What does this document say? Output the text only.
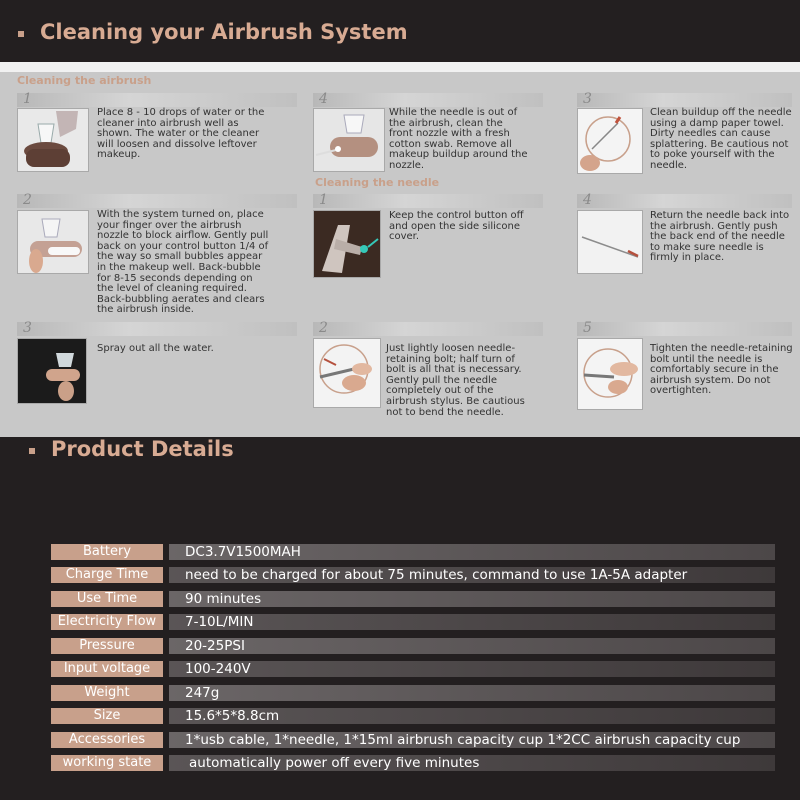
Cleaning your Airbrush System
Cleaning the airbrush
1
Place 8 - 10 drops of water or the cleaner into airbrush well as shown. The water or the cleaner will loosen and dissolve leftover makeup.
2
With the system turned on, place your finger over the airbrush nozzle to block airflow. Gently pull back on your control button 1/4 of the way so small bubbles appear in the makeup well. Back-bubble for 8-15 seconds depending on the level of cleaning required. Back-bubbling aerates and clears the airbrush inside.
3
Spray out all the water.
4
While the needle is out of the airbrush, clean the front nozzle with a fresh cotton swab. Remove all makeup buildup around the nozzle.
Cleaning the needle
1
Keep the control button off and open the side silicone cover.
2
Just lightly loosen needle-retaining bolt; half turn of bolt is all that is necessary. Gently pull the needle completely out of the airbrush stylus. Be cautious not to bend the needle.
3
Clean buildup off the needle using a damp paper towel. Dirty needles can cause splattering. Be cautious not to poke yourself with the needle.
4
Return the needle back into the airbrush. Gently push the back end of the needle to make sure needle is firmly in place.
5
Tighten the needle-retaining bolt until the needle is comfortably secure in the airbrush system. Do not overtighten.
Product Details
Battery	DC3.7V1500MAH
Charge Time	need to be charged for about 75 minutes, command to use 1A-5A adapter
Use Time	90 minutes
Electricity Flow	7-10L/MIN
Pressure	20-25PSI
Input voltage	100-240V
Weight	247g
Size	15.6*5*8.8cm
Accessories	1*usb cable, 1*needle, 1*15ml airbrush capacity cup 1*2CC airbrush capacity cup
working state	automatically power off every five minutes
